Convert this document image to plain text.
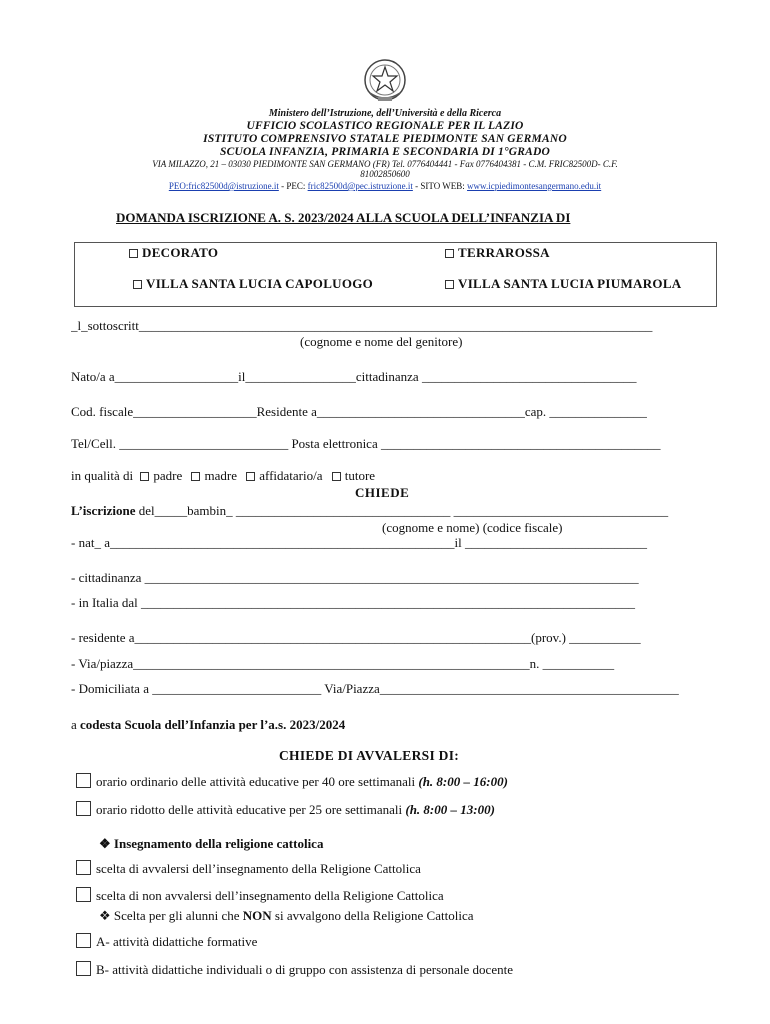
Ministero dell’Istruzione, dell’Università e della Ricerca
UFFICIO SCOLASTICO REGIONALE PER IL LAZIO
ISTITUTO COMPRENSIVO STATALE PIEDIMONTE SAN GERMANO
SCUOLA INFANZIA, PRIMARIA E SECONDARIA DI 1°GRADO
VIA MILAZZO, 21 – 03030 PIEDIMONTE SAN GERMANO (FR) Tel. 0776404441 - Fax 0776404381 - C.M. FRIC82500D- C.F.
81002850600
PEO:fric82500d@istruzione.it - PEC: fric82500d@pec.istruzione.it - SITO WEB: www.icpiedimontesangermano.edu.it
DOMANDA ISCRIZIONE A. S. 2023/2024 ALLA SCUOLA DELL’INFANZIA DI
DECORATO	TERRAROSSA
VILLA SANTA LUCIA CAPOLUOGO	VILLA SANTA LUCIA PIUMAROLA
_l_sottoscritt_______________________________________________________________________________
(cognome e nome del genitore)
Nato/a a___________________il_________________cittadinanza _________________________________
Cod. fiscale___________________Residente a________________________________cap. _______________
Tel/Cell. __________________________ Posta elettronica ___________________________________________
in qualità di padre madre affidatario/a tutore
CHIEDE
L’iscrizione del_____bambin_ _________________________________ _________________________________
(cognome e nome) (codice fiscale)
- nat_ a_____________________________________________________il ____________________________
- cittadinanza ____________________________________________________________________________
- in Italia dal ____________________________________________________________________________
- residente a_____________________________________________________________(prov.) ___________
- Via/piazza_____________________________________________________________n. ___________
- Domiciliata a __________________________ Via/Piazza______________________________________________
a codesta Scuola dell’Infanzia per l’a.s. 2023/2024
CHIEDE DI AVVALERSI DI:
orario ordinario delle attività educative per 40 ore settimanali (h. 8:00 – 16:00)
orario ridotto delle attività educative per 25 ore settimanali (h. 8:00 – 13:00)
❖ Insegnamento della religione cattolica
scelta di avvalersi dell’insegnamento della Religione Cattolica
scelta di non avvalersi dell’insegnamento della Religione Cattolica
❖ Scelta per gli alunni che NON si avvalgono della Religione Cattolica
A- attività didattiche formative
B- attività didattiche individuali o di gruppo con assistenza di personale docente
